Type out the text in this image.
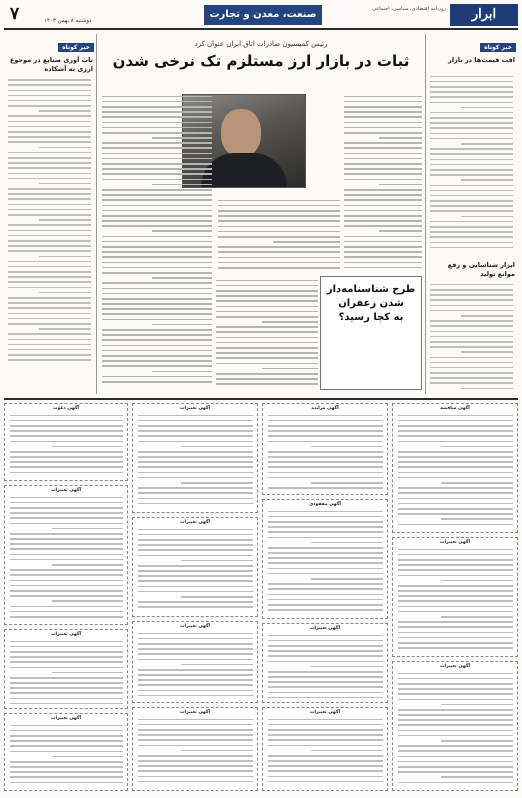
ابرار
روزنامه اقتصادی، سیاسی، اجتماعی
صنعت، معدن و تجارت
دوشنبه ۸ بهمن ۱۴۰۳
۷
خبر کوتاه
افت قیمت‌ها در بازار

ابزار شناسایی و رفع موانع تولید
رئیس کمیسیون صادرات اتاق ایران عنوان کرد
ثبات در بازار ارز مستلزم تک نرخی شدن
طرح شناسنامه‌دار
شدن زعفران
به کجا رسید؟
خبر کوتاه
تاب آوری صنایع در موجوع ارزی به آشکاده
آگهی مناقصه
آگهی مزایده
آگهی تغییرات
آگهی دعوت
آگهی تغییرات
آگهی مفقودی
آگهی تغییرات
آگهی تغییرات
آگهی تغییرات
آگهی تغییرات
آگهی تغییرات
آگهی تغییرات
آگهی تغییرات
آگهی تغییرات
آگهی تغییرات
